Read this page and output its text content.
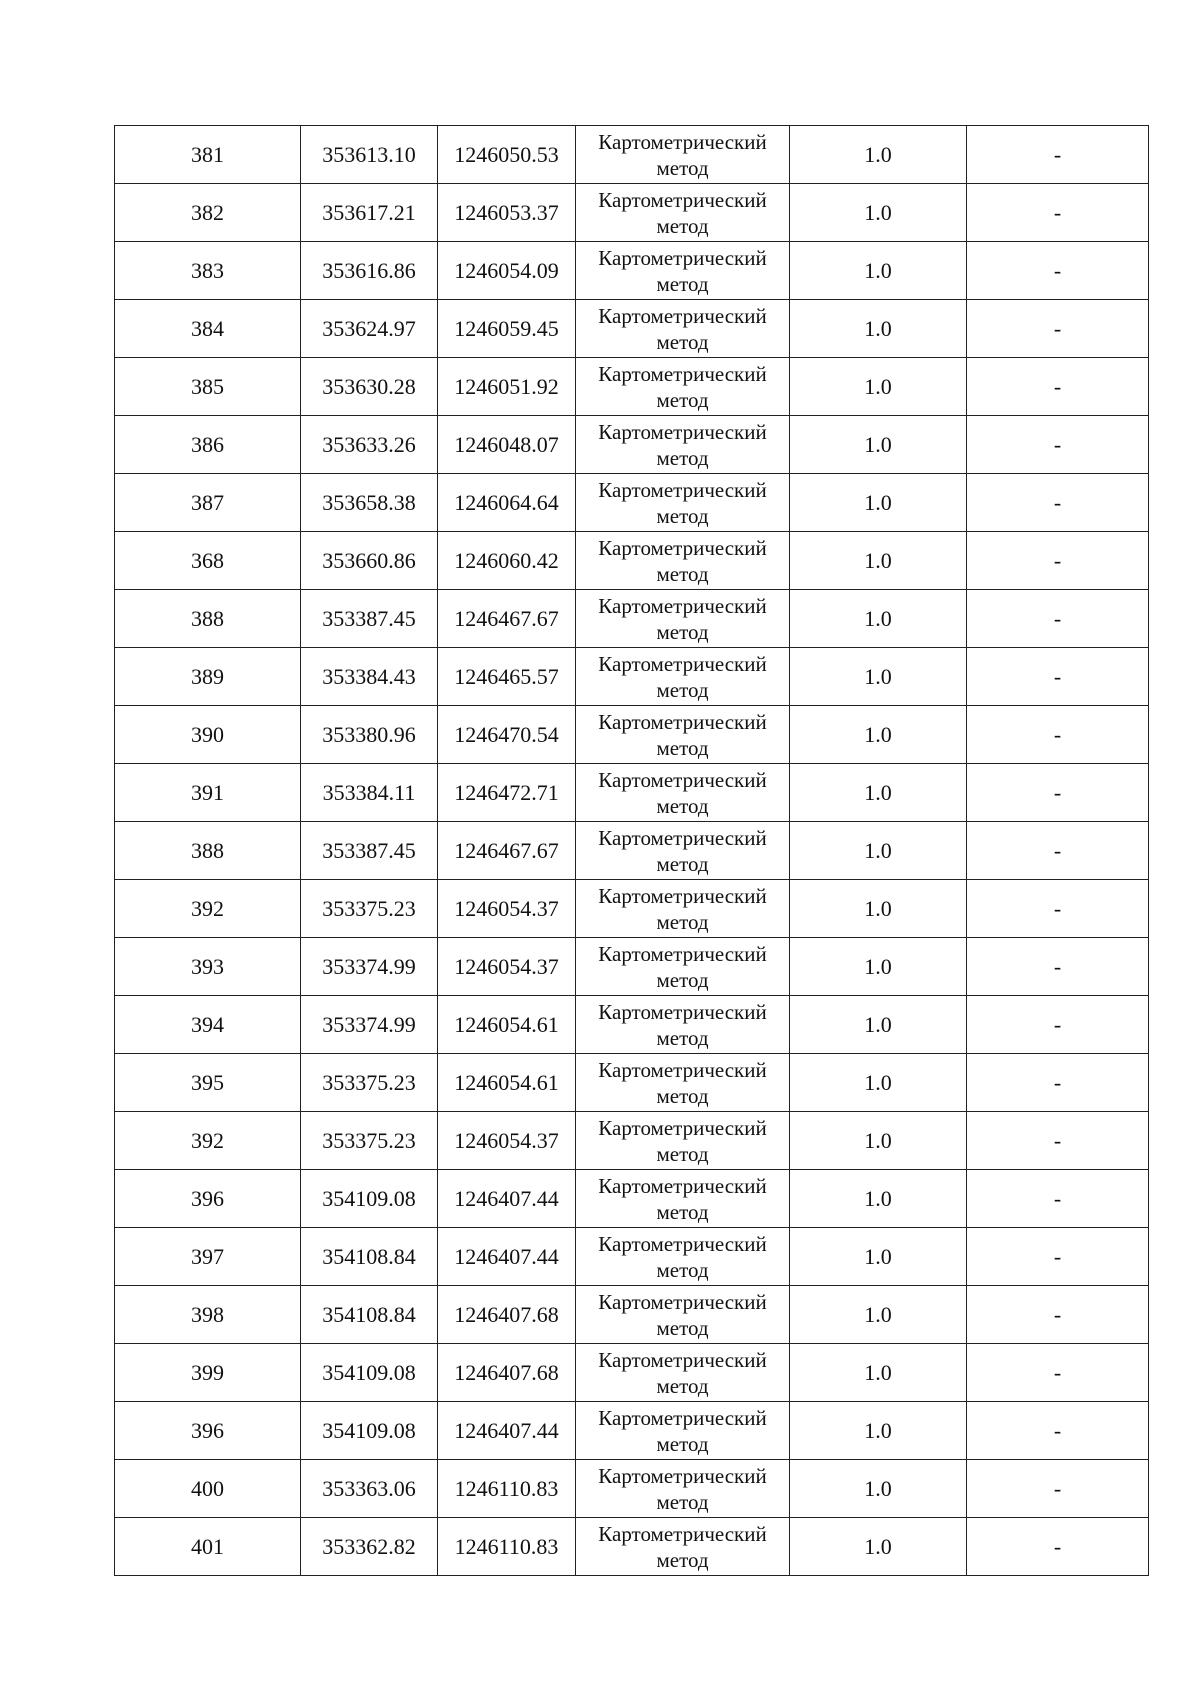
381	353613.10	1246050.53	Картометрический метод	1.0	-
382	353617.21	1246053.37	Картометрический метод	1.0	-
383	353616.86	1246054.09	Картометрический метод	1.0	-
384	353624.97	1246059.45	Картометрический метод	1.0	-
385	353630.28	1246051.92	Картометрический метод	1.0	-
386	353633.26	1246048.07	Картометрический метод	1.0	-
387	353658.38	1246064.64	Картометрический метод	1.0	-
368	353660.86	1246060.42	Картометрический метод	1.0	-
388	353387.45	1246467.67	Картометрический метод	1.0	-
389	353384.43	1246465.57	Картометрический метод	1.0	-
390	353380.96	1246470.54	Картометрический метод	1.0	-
391	353384.11	1246472.71	Картометрический метод	1.0	-
388	353387.45	1246467.67	Картометрический метод	1.0	-
392	353375.23	1246054.37	Картометрический метод	1.0	-
393	353374.99	1246054.37	Картометрический метод	1.0	-
394	353374.99	1246054.61	Картометрический метод	1.0	-
395	353375.23	1246054.61	Картометрический метод	1.0	-
392	353375.23	1246054.37	Картометрический метод	1.0	-
396	354109.08	1246407.44	Картометрический метод	1.0	-
397	354108.84	1246407.44	Картометрический метод	1.0	-
398	354108.84	1246407.68	Картометрический метод	1.0	-
399	354109.08	1246407.68	Картометрический метод	1.0	-
396	354109.08	1246407.44	Картометрический метод	1.0	-
400	353363.06	1246110.83	Картометрический метод	1.0	-
401	353362.82	1246110.83	Картометрический метод	1.0	-
